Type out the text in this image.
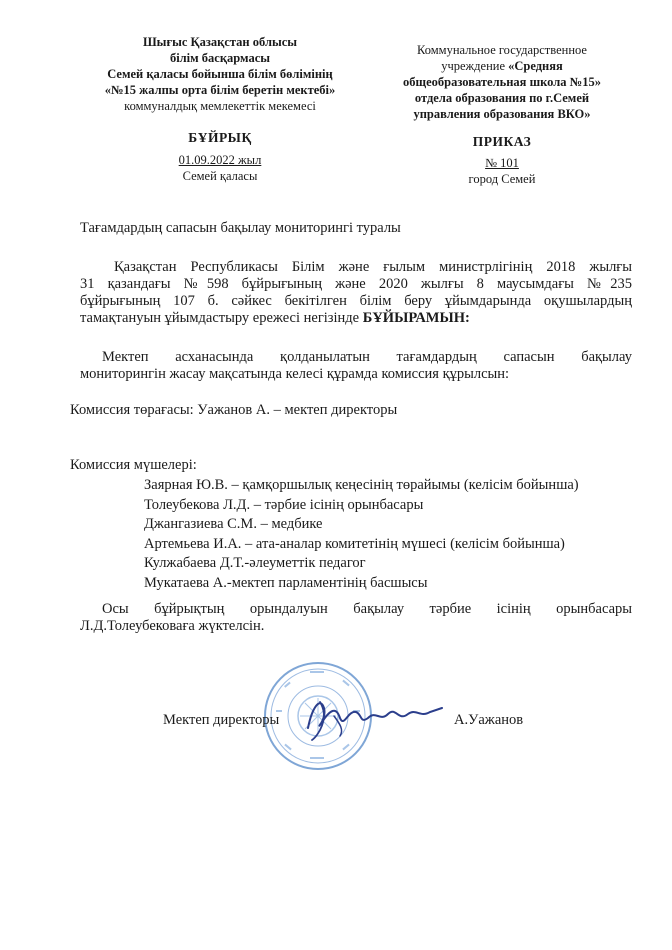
Шығыс Қазақстан облысы
білім басқармасы
Семей қаласы бойынша білім бөлімінің
«№15 жалпы орта білім беретін мектебі»
коммуналдық мемлекеттік мекемесі
БҰЙРЫҚ
01.09.2022 жыл
Семей қаласы
Коммунальное государственное
учреждение «Средняя
общеобразовательная школа №15»
отдела образования по г.Семей
управления образования ВКО»
ПРИКАЗ
№ 101
город Семей
Тағамдардың сапасын бақылау мониторингі туралы
Қазақстан Республикасы Білім және ғылым министрлігінің 2018 жылғы
31 қазандағы №598 бұйрығының және 2020 жылғы 8 маусымдағы №235
бұйрығының 107 б. сәйкес бекітілген білім беру ұйымдарында оқушылардың
тамақтануын ұйымдастыру ережесі негізінде БҰЙЫРАМЫН:
Мектеп асханасында қолданылатын тағамдардың сапасын бақылау
мониторингін жасау мақсатында келесі құрамда комиссия құрылсын:
Комиссия төрағасы: Уажанов А. – мектеп директоры
Комиссия мүшелері:
Заярная Ю.В. – қамқоршылық кеңесінің төрайымы (келісім бойынша)
Толеубекова Л.Д. – тәрбие ісінің орынбасары
Джангазиева С.М. – медбике
Артемьева И.А. – ата-аналар комитетінің мүшесі (келісім бойынша)
Кулжабаева Д.Т.-әлеуметтік педагог
Мукатаева А.-мектеп парламентінің басшысы
Осы бұйрықтың орындалуын бақылау тәрбие ісінің орынбасары
Л.Д.Толеубековаға жүктелсін.
Мектеп директоры	А.Уажанов
